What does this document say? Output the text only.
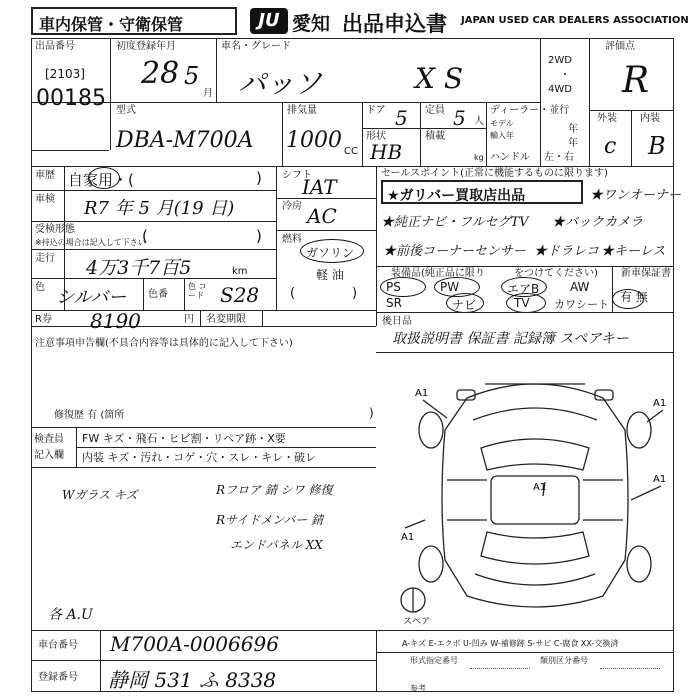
車内保管・守衛保管	JU 愛知 出品申込書 JAPAN USED CAR DEALERS ASSOCIATION
出品番号
[2103]
00185
初度登録年月
28 5
月
車名・グレード
パッソ	X S
2WD
・
4WD
評価点
R
外装 内装
c B
型式
DBA-M700A
排気量
1000 CC
ドア 5 定員 5 人
形状
HB
積載
kg
ディーラー・並行
モデル
年
輸入年
年
ハンドル 左・右
車歴 自家用・(	)
車検 R7 年 5 月(19 日)
受検形態
※持込の場合は記入して下さい
(	)
走行 4万3千7百5	km
色 シルバー 色番
色 コード S28
シフト
IAT
冷房 AC
燃料
ガソリン
軽 油
(	)
R券 8190	円 名変期限
注意事項申告欄(不具合内容等は具体的に記入して下さい)
修復歴 有 (箇所	)
セールスポイント(正常に機能するものに限ります)
★ガリバー買取店出品	★ワンオーナー
★純正ナビ・フルセグTV ★バックカメラ
★前後コーナーセンサー ★ドラレコ ★キーレス
装備品(純正品に限り	をつけてください) 新車保証書
有 無
PS	PW	エアB	AW
SR	ナビ	TV カワシート
後日品
取扱説明書 保証書 記録簿 スペアキー
検査員
記入欄
FW キズ・飛石・ヒビ割・リペア跡・X要
内装 キズ・汚れ・コゲ・穴・スレ・キレ・破レ
Wガラス キズ	Rフロア 錆 シワ 修復
Rサイドメンバー 錆
エンドパネル XX
各 A.U
A1
A1
A1
A1
A1
スペア
車台番号 M700A-0006696
登録番号 静岡 531 ふ 8338
A-キズ E-エクボ U-凹み W-補修跡 S-サビ C-腐食 XX-交換済
形式指定番号	類別区分番号
参考
